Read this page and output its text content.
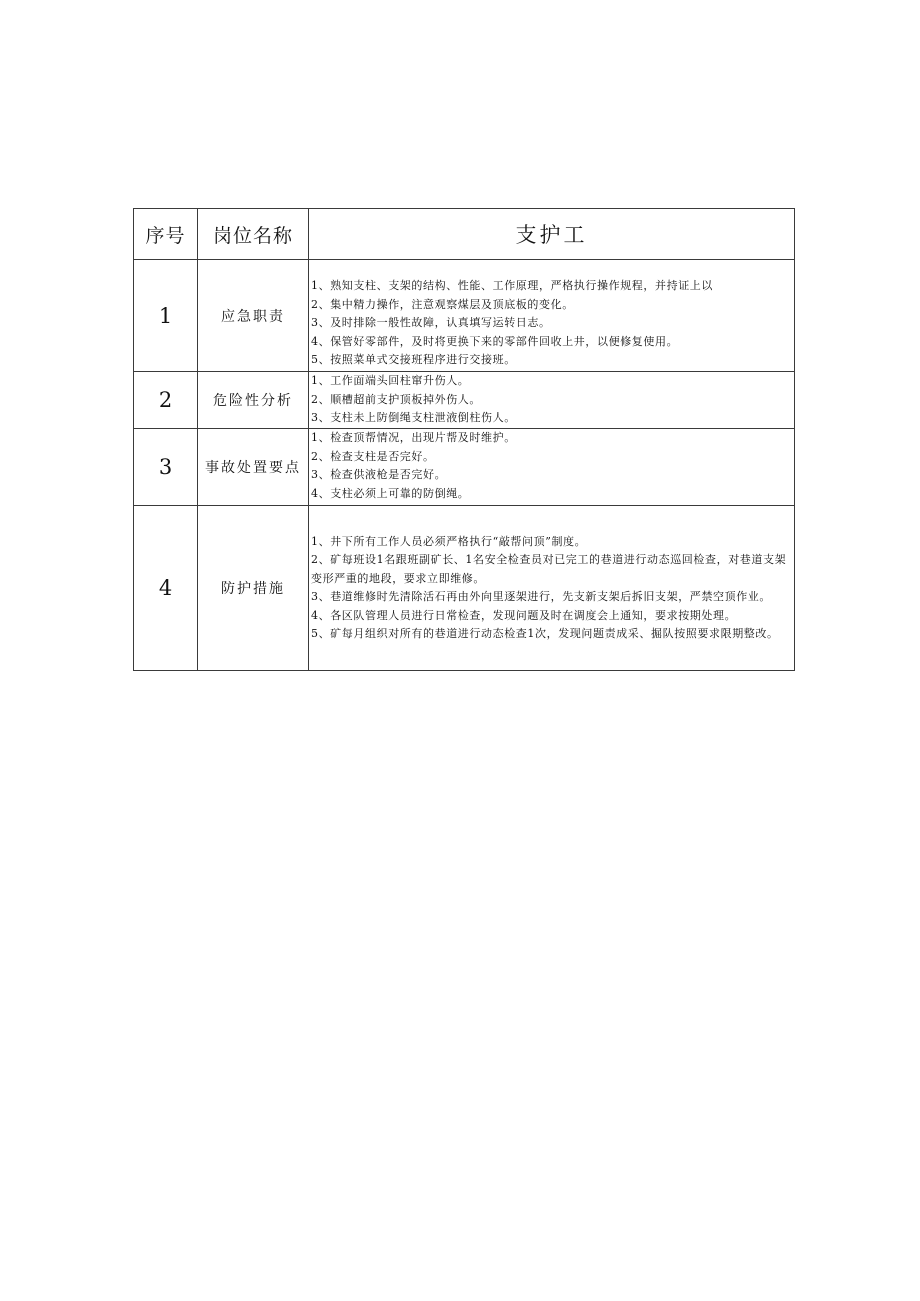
序号	岗位名称	支护工
1	应急职责	1、熟知支柱、支架的结构、性能、工作原理，严格执行操作规程，并持证上以
2、集中精力操作，注意观察煤层及顶底板的变化。
3、及时排除一般性故障，认真填写运转日志。
4、保管好零部件，及时将更换下来的零部件回收上井，以便修复使用。
5、按照菜单式交接班程序进行交接班。

2	危险性分析	1、工作面端头回柱窜升伤人。
2、顺槽超前支护顶板掉外伤人。
3、支柱未上防倒绳支柱泄液倒柱伤人。

3	事故处置要点	1、检查顶帮情况，出现片帮及时维护。
2、检查支柱是否完好。
3、检查供液枪是否完好。
4、支柱必须上可靠的防倒绳。

4	防护措施	1、井下所有工作人员必须严格执行“敲帮问顶”制度。
2、矿每班设1名跟班副矿长、1名安全检查员对已完工的巷道进行动态巡回检查，对巷道支架变形严重的地段，要求立即维修。
3、巷道维修时先清除活石再由外向里逐架进行，先支新支架后拆旧支架，严禁空顶作业。
4、各区队管理人员进行日常检查，发现问题及时在调度会上通知，要求按期处理。
5、矿每月组织对所有的巷道进行动态检查1次，发现问题责成采、掘队按照要求限期整改。
